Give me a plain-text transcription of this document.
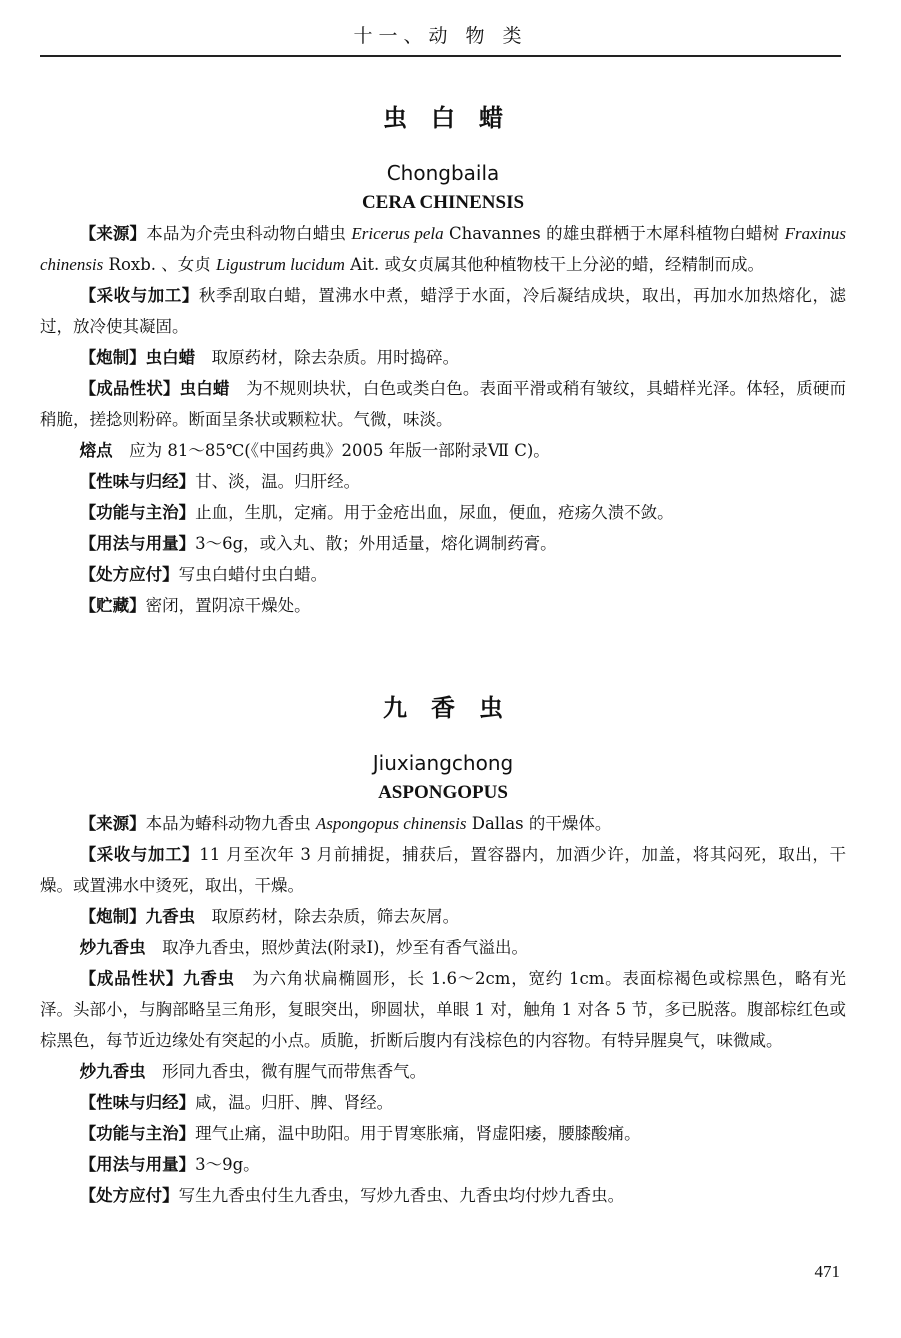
十一、动 物 类
虫白蜡
Chongbaila
CERA CHINENSIS

【来源】本品为介壳虫科动物白蜡虫 Ericerus pela Chavannes 的雄虫群栖于木犀科植物白蜡树 Fraxinus chinensis Roxb. 、女贞 Ligustrum lucidum Ait. 或女贞属其他种植物枝干上分泌的蜡，经精制而成。

【采收与加工】秋季刮取白蜡，置沸水中煮，蜡浮于水面，冷后凝结成块，取出，再加水加热熔化，滤过，放冷使其凝固。

【炮制】虫白蜡　取原药材，除去杂质。用时捣碎。

【成品性状】虫白蜡　为不规则块状，白色或类白色。表面平滑或稍有皱纹，具蜡样光泽。体轻，质硬而稍脆，搓捻则粉碎。断面呈条状或颗粒状。气微，味淡。

熔点　应为 81～85℃(《中国药典》2005 年版一部附录Ⅶ C)。

【性味与归经】甘、淡，温。归肝经。

【功能与主治】止血，生肌，定痛。用于金疮出血，尿血，便血，疮疡久溃不敛。

【用法与用量】3～6g，或入丸、散；外用适量，熔化调制药膏。

【处方应付】写虫白蜡付虫白蜡。

【贮藏】密闭，置阴凉干燥处。

九香虫
Jiuxiangchong
ASPONGOPUS

【来源】本品为蝽科动物九香虫 Aspongopus chinensis Dallas 的干燥体。

【采收与加工】11 月至次年 3 月前捕捉，捕获后，置容器内，加酒少许，加盖，将其闷死，取出，干燥。或置沸水中烫死，取出，干燥。

【炮制】九香虫　取原药材，除去杂质，筛去灰屑。

炒九香虫　取净九香虫，照炒黄法(附录Ⅰ)，炒至有香气溢出。

【成品性状】九香虫　为六角状扁椭圆形，长 1.6～2cm，宽约 1cm。表面棕褐色或棕黑色，略有光泽。头部小，与胸部略呈三角形，复眼突出，卵圆状，单眼 1 对，触角 1 对各 5 节，多已脱落。腹部棕红色或棕黑色，每节近边缘处有突起的小点。质脆，折断后腹内有浅棕色的内容物。有特异腥臭气，味微咸。

炒九香虫　形同九香虫，微有腥气而带焦香气。

【性味与归经】咸，温。归肝、脾、肾经。

【功能与主治】理气止痛，温中助阳。用于胃寒胀痛，肾虚阳痿，腰膝酸痛。

【用法与用量】3～9g。

【处方应付】写生九香虫付生九香虫，写炒九香虫、九香虫均付炒九香虫。

471
